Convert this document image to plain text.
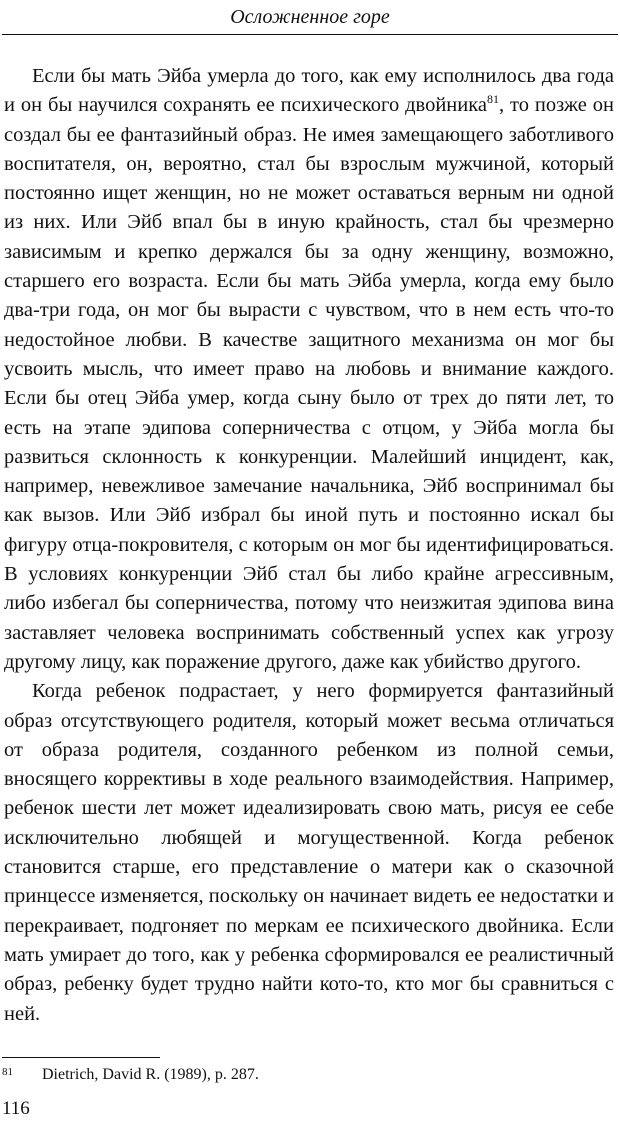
Осложненное горе

Если бы мать Эйба умерла до того, как ему исполнилось два года и он бы научился сохранять ее психического двойника$^{81}$, то позже он создал бы ее фантазийный образ. Не имея замещающего заботливого воспитателя, он, вероятно, стал бы взрослым мужчиной, который постоянно ищет женщин, но не может оставаться верным ни одной из них. Или Эйб впал бы в иную крайность, стал бы чрезмерно зависимым и крепко держался бы за одну женщину, возможно, старшего его возраста. Если бы мать Эйба умерла, когда ему было два-три года, он мог бы вырасти с чувством, что в нем есть что-то недостойное любви. В качестве защитного механизма он мог бы усвоить мысль, что имеет право на любовь и внимание каждого. Если бы отец Эйба умер, когда сыну было от трех до пяти лет, то есть на этапе эдипова соперничества с отцом, у Эйба могла бы развиться склонность к конкуренции. Малейший инцидент, как, например, невежливое замечание начальника, Эйб воспринимал бы как вызов. Или Эйб избрал бы иной путь и постоянно искал бы фигуру отца-покровителя, с которым он мог бы идентифицироваться. В условиях конкуренции Эйб стал бы либо крайне агрессивным, либо избегал бы соперничества, потому что неизжитая эдипова вина заставляет человека воспринимать собственный успех как угрозу другому лицу, как поражение другого, даже как убийство другого.

Когда ребенок подрастает, у него формируется фантазийный образ отсутствующего родителя, который может весьма отличаться от образа родителя, созданного ребенком из полной семьи, вносящего коррективы в ходе реального взаимодействия. Например, ребенок шести лет может идеализировать свою мать, рисуя ее себе исключительно любящей и могущественной. Когда ребенок становится старше, его представление о матери как о сказочной принцессе изменяется, поскольку он начинает видеть ее недостатки и перекраивает, подгоняет по меркам ее психического двойника. Если мать умирает до того, как у ребенка сформировался ее реалистичный образ, ребенку будет трудно найти кото-то, кто мог бы сравниться с ней.

81 Dietrich, David R. (1989), p. 287.
116
